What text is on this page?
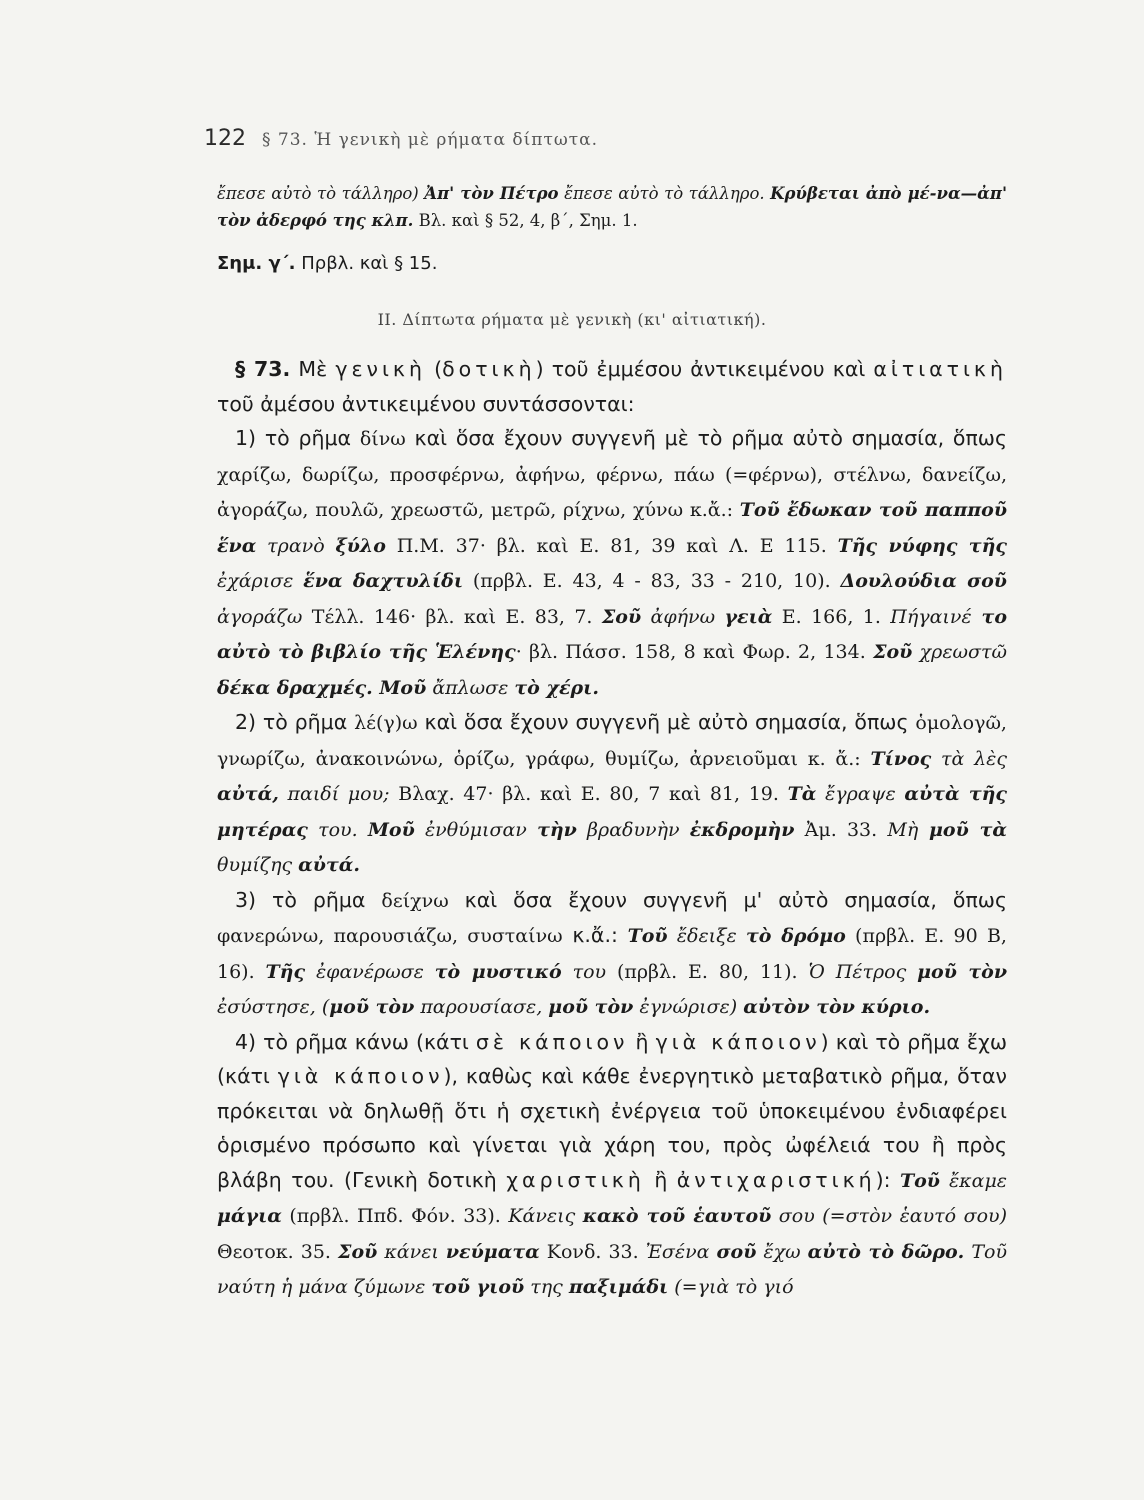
122 § 73. Ἡ γενικὴ μὲ ρήματα δίπτωτα.

ἔπεσε αὐτὸ τὸ τάλληρο) Ἀπ' τὸν Πέτρο ἔπεσε αὐτὸ τὸ τάλληρο. Κρύβεται ἀπὸ μέ-να—ἀπ' τὸν ἀδερφό της κλπ. Βλ. καὶ § 52, 4, β΄, Σημ. 1.

Σημ. γ΄. Πρβλ. καὶ § 15.
II. Δίπτωτα ρήματα μὲ γενικὴ (κι' αἰτιατική).

§ 73. Μὲ γενικὴ (δοτικὴ) τοῦ ἐμμέσου ἀντικειμένου καὶ αἰτιατικὴ τοῦ ἀμέσου ἀντικειμένου συντάσσονται:

1) τὸ ρῆμα δίνω καὶ ὅσα ἔχουν συγγενῆ μὲ τὸ ρῆμα αὐτὸ σημασία, ὅπως χαρίζω, δωρίζω, προσφέρνω, ἀφήνω, φέρνω, πάω (=φέρνω), στέλνω, δανείζω, ἀγοράζω, πουλῶ, χρεωστῶ, μετρῶ, ρίχνω, χύνω κ.ἄ.: Τοῦ ἔδωκαν τοῦ παπποῦ ἕνα τρανὸ ξύλο Π.Μ. 37· βλ. καὶ Ε. 81, 39 καὶ Λ. Ε 115. Τῆς νύφης τῆς ἐχάρισε ἕνα δαχτυλίδι (πρβλ. Ε. 43, 4 - 83, 33 - 210, 10). Δουλούδια σοῦ ἀγοράζω Τέλλ. 146· βλ. καὶ Ε. 83, 7. Σοῦ ἀφήνω γειὰ Ε. 166, 1. Πήγαινέ το αὐτὸ τὸ βιβλίο τῆς Ἑλένης· βλ. Πάσσ. 158, 8 καὶ Φωρ. 2, 134. Σοῦ χρεωστῶ δέκα δραχμές. Μοῦ ἄπλωσε τὸ χέρι.

2) τὸ ρῆμα λέ(γ)ω καὶ ὅσα ἔχουν συγγενῆ μὲ αὐτὸ σημασία, ὅπως ὁμολογῶ, γνωρίζω, ἀνακοινώνω, ὁρίζω, γράφω, θυμίζω, ἀρνειοῦμαι κ. ἄ.: Τίνος τὰ λὲς αὐτά, παιδί μου; Βλαχ. 47· βλ. καὶ Ε. 80, 7 καὶ 81, 19. Τὰ ἔγραψε αὐτὰ τῆς μητέρας του. Μοῦ ἐνθύμισαν τὴν βραδυνὴν ἐκδρομὴν Ἀμ. 33. Μὴ μοῦ τὰ θυμίζης αὐτά.

3) τὸ ρῆμα δείχνω καὶ ὅσα ἔχουν συγγενῆ μ' αὐτὸ σημασία, ὅπως φανερώνω, παρουσιάζω, συσταίνω κ.ἄ.: Τοῦ ἔδειξε τὸ δρόμο (πρβλ. Ε. 90 Β, 16). Τῆς ἐφανέρωσε τὸ μυστικό του (πρβλ. Ε. 80, 11). Ὁ Πέτρος μοῦ τὸν ἐσύστησε, (μοῦ τὸν παρουσίασε, μοῦ τὸν ἐγνώρισε) αὐτὸν τὸν κύριο.

4) τὸ ρῆμα κάνω (κάτι σὲ κάποιον ἢ γιὰ κάποιον) καὶ τὸ ρῆμα ἔχω (κάτι γιὰ κάποιον), καθὼς καὶ κάθε ἐνεργητικὸ μεταβατικὸ ρῆμα, ὅταν πρόκειται νὰ δηλωθῇ ὅτι ἡ σχετικὴ ἐνέργεια τοῦ ὑποκειμένου ἐνδιαφέρει ὁρισμένο πρόσωπο καὶ γίνεται γιὰ χάρη του, πρὸς ὠφέλειά του ἢ πρὸς βλάβη του. (Γενικὴ δοτικὴ χαριστικὴ ἢ ἀντιχαριστική): Τοῦ ἔκαμε μάγια (πρβλ. Ππδ. Φόν. 33). Κάνεις κακὸ τοῦ ἑαυτοῦ σου (=στὸν ἑαυτό σου) Θεοτοκ. 35. Σοῦ κάνει νεύματα Κονδ. 33. Ἐσένα σοῦ ἔχω αὐτὸ τὸ δῶρο. Τοῦ ναύτη ἡ μάνα ζύμωνε τοῦ γιοῦ της παξιμάδι (=γιὰ τὸ γιό
